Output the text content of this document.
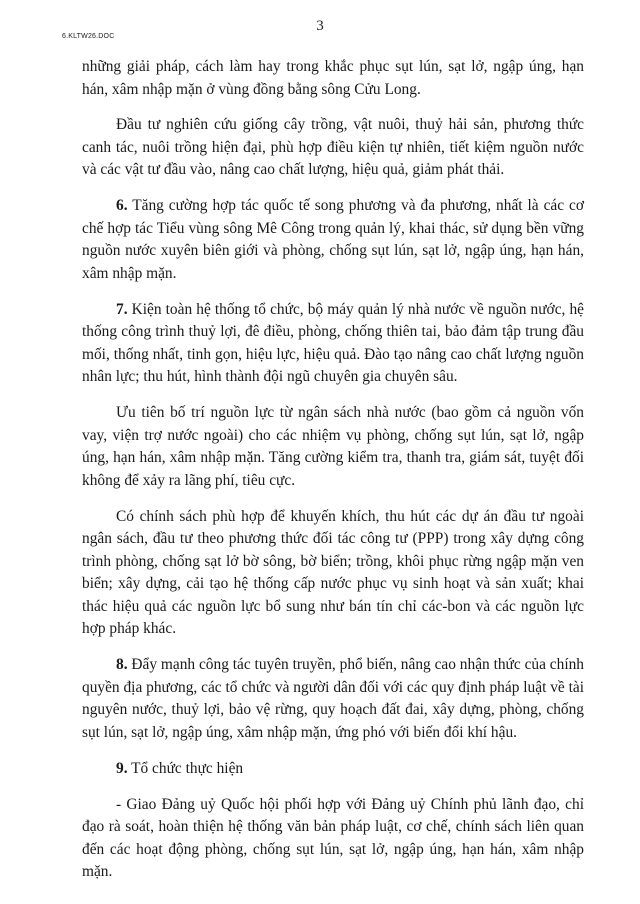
6.KLTW26.DOC
3

những giải pháp, cách làm hay trong khắc phục sụt lún, sạt lở, ngập úng, hạn hán, xâm nhập mặn ở vùng đồng bằng sông Cửu Long.

Đầu tư nghiên cứu giống cây trồng, vật nuôi, thuỷ hải sản, phương thức canh tác, nuôi trồng hiện đại, phù hợp điều kiện tự nhiên, tiết kiệm nguồn nước và các vật tư đầu vào, nâng cao chất lượng, hiệu quả, giảm phát thải.

6. Tăng cường hợp tác quốc tế song phương và đa phương, nhất là các cơ chế hợp tác Tiểu vùng sông Mê Công trong quản lý, khai thác, sử dụng bền vững nguồn nước xuyên biên giới và phòng, chống sụt lún, sạt lở, ngập úng, hạn hán, xâm nhập mặn.

7. Kiện toàn hệ thống tổ chức, bộ máy quản lý nhà nước về nguồn nước, hệ thống công trình thuỷ lợi, đê điều, phòng, chống thiên tai, bảo đảm tập trung đầu mối, thống nhất, tinh gọn, hiệu lực, hiệu quả. Đào tạo nâng cao chất lượng nguồn nhân lực; thu hút, hình thành đội ngũ chuyên gia chuyên sâu.

Ưu tiên bố trí nguồn lực từ ngân sách nhà nước (bao gồm cả nguồn vốn vay, viện trợ nước ngoài) cho các nhiệm vụ phòng, chống sụt lún, sạt lở, ngập úng, hạn hán, xâm nhập mặn. Tăng cường kiểm tra, thanh tra, giám sát, tuyệt đối không để xảy ra lãng phí, tiêu cực.

Có chính sách phù hợp để khuyến khích, thu hút các dự án đầu tư ngoài ngân sách, đầu tư theo phương thức đối tác công tư (PPP) trong xây dựng công trình phòng, chống sạt lở bờ sông, bờ biển; trồng, khôi phục rừng ngập mặn ven biển; xây dựng, cải tạo hệ thống cấp nước phục vụ sinh hoạt và sản xuất; khai thác hiệu quả các nguồn lực bổ sung như bán tín chỉ các-bon và các nguồn lực hợp pháp khác.

8. Đẩy mạnh công tác tuyên truyền, phổ biến, nâng cao nhận thức của chính quyền địa phương, các tổ chức và người dân đối với các quy định pháp luật về tài nguyên nước, thuỷ lợi, bảo vệ rừng, quy hoạch đất đai, xây dựng, phòng, chống sụt lún, sạt lở, ngập úng, xâm nhập mặn, ứng phó với biến đổi khí hậu.

9. Tổ chức thực hiện

- Giao Đảng uỷ Quốc hội phối hợp với Đảng uỷ Chính phủ lãnh đạo, chỉ đạo rà soát, hoàn thiện hệ thống văn bản pháp luật, cơ chế, chính sách liên quan đến các hoạt động phòng, chống sụt lún, sạt lở, ngập úng, hạn hán, xâm nhập mặn.
